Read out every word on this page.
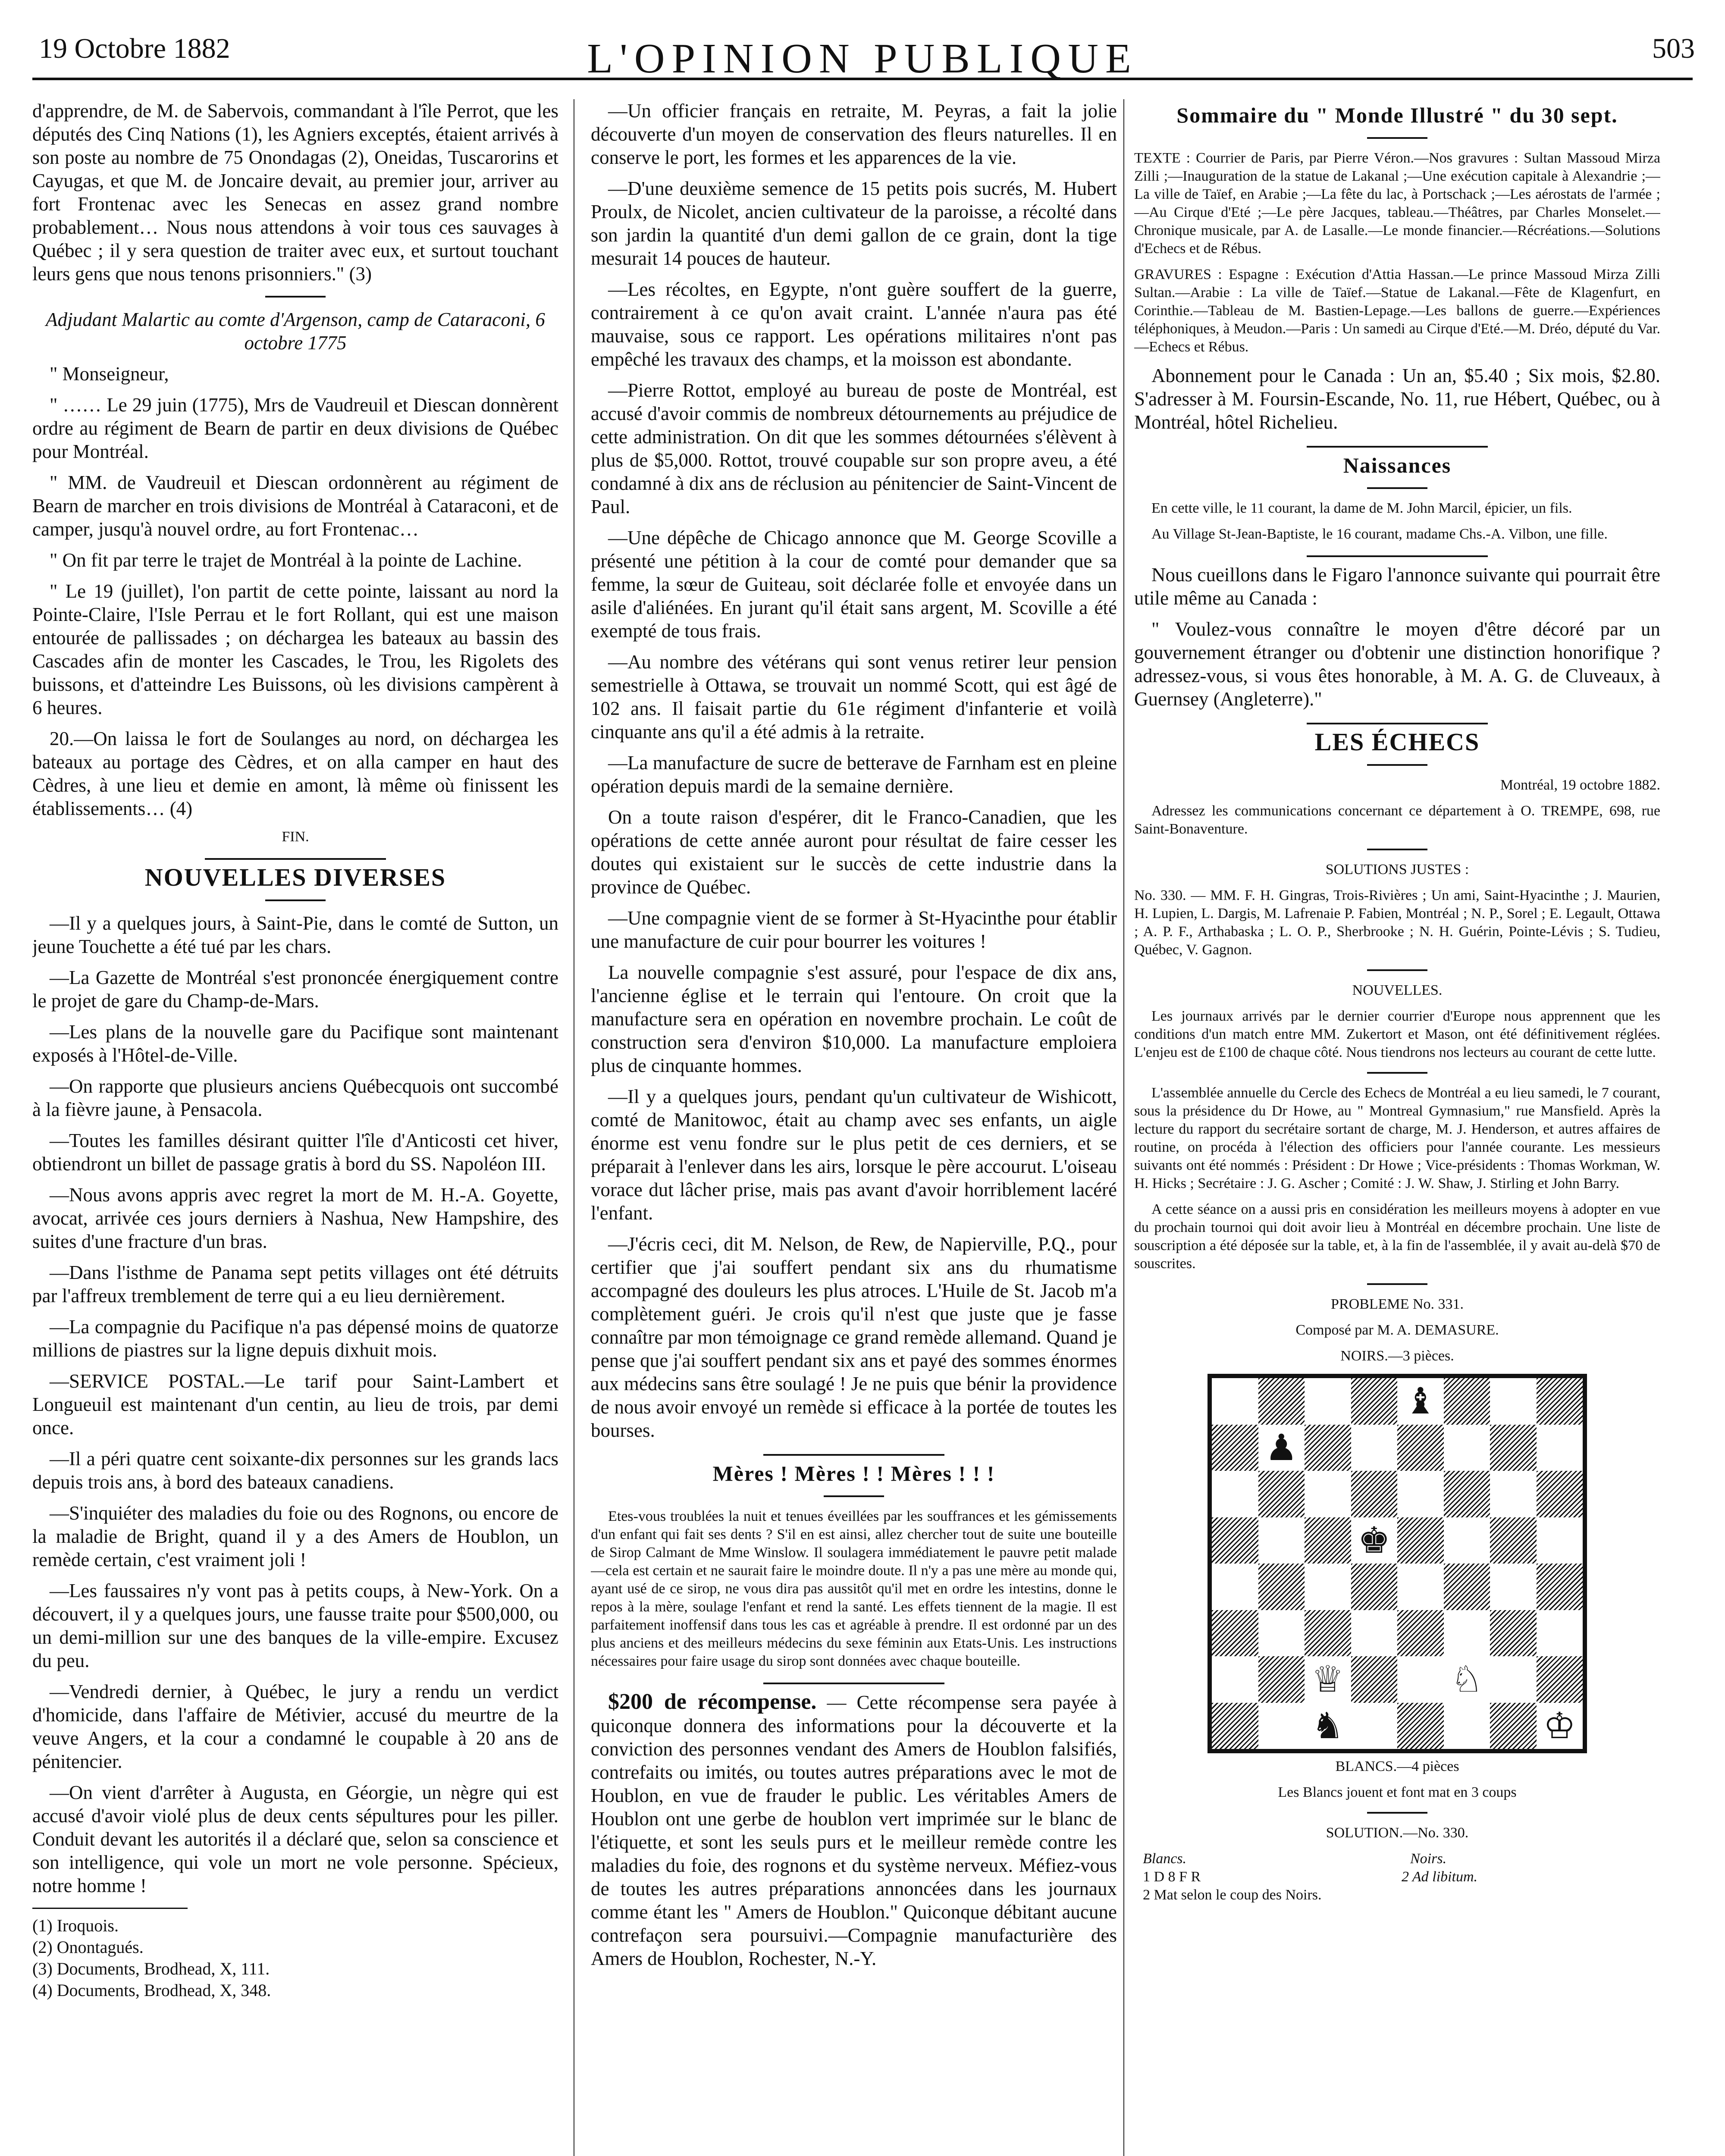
19 Octobre 1882	L'OPINION PUBLIQUE	503

d'apprendre, de M. de Sabervois, commandant à l'île Perrot, que les députés des Cinq Nations (1), les Agniers exceptés, étaient arrivés à son poste au nombre de 75 Onondagas (2), Oneidas, Tuscarorins et Cayugas, et que M. de Joncaire devait, au premier jour, arriver au fort Frontenac avec les Senecas en assez grand nombre probablement… Nous nous attendons à voir tous ces sauvages à Québec ; il y sera question de traiter avec eux, et surtout touchant leurs gens que nous tenons prisonniers." (3)

Adjudant Malartic au comte d'Argenson, camp de Cataraconi, 6 octobre 1775

" Monseigneur,

" …… Le 29 juin (1775), Mrs de Vaudreuil et Diescan donnèrent ordre au régiment de Bearn de partir en deux divisions de Québec pour Montréal.

" MM. de Vaudreuil et Diescan ordonnèrent au régiment de Bearn de marcher en trois divisions de Montréal à Cataraconi, et de camper, jusqu'à nouvel ordre, au fort Frontenac…

" On fit par terre le trajet de Montréal à la pointe de Lachine.

" Le 19 (juillet), l'on partit de cette pointe, laissant au nord la Pointe-Claire, l'Isle Perrau et le fort Rollant, qui est une maison entourée de pallissades ; on déchargea les bateaux au bassin des Cascades afin de monter les Cascades, le Trou, les Rigolets des buissons, et d'atteindre Les Buissons, où les divisions campèrent à 6 heures.

20.—On laissa le fort de Soulanges au nord, on déchargea les bateaux au portage des Cèdres, et on alla camper en haut des Cèdres, à une lieu et demie en amont, là même où finissent les établissements… (4)

FIN.

NOUVELLES DIVERSES

—Il y a quelques jours, à Saint-Pie, dans le comté de Sutton, un jeune Touchette a été tué par les chars.

—La Gazette de Montréal s'est prononcée énergiquement contre le projet de gare du Champ-de-Mars.

—Les plans de la nouvelle gare du Pacifique sont maintenant exposés à l'Hôtel-de-Ville.

—On rapporte que plusieurs anciens Québecquois ont succombé à la fièvre jaune, à Pensacola.

—Toutes les familles désirant quitter l'île d'Anticosti cet hiver, obtiendront un billet de passage gratis à bord du SS. Napoléon III.

—Nous avons appris avec regret la mort de M. H.-A. Goyette, avocat, arrivée ces jours derniers à Nashua, New Hampshire, des suites d'une fracture d'un bras.

—Dans l'isthme de Panama sept petits villages ont été détruits par l'affreux tremblement de terre qui a eu lieu dernièrement.

—La compagnie du Pacifique n'a pas dépensé moins de quatorze millions de piastres sur la ligne depuis dixhuit mois.

—SERVICE POSTAL.—Le tarif pour Saint-Lambert et Longueuil est maintenant d'un centin, au lieu de trois, par demi once.

—Il a péri quatre cent soixante-dix personnes sur les grands lacs depuis trois ans, à bord des bateaux canadiens.

—S'inquiéter des maladies du foie ou des Rognons, ou encore de la maladie de Bright, quand il y a des Amers de Houblon, un remède certain, c'est vraiment joli !

—Les faussaires n'y vont pas à petits coups, à New-York. On a découvert, il y a quelques jours, une fausse traite pour $500,000, ou un demi-million sur une des banques de la ville-empire. Excusez du peu.

—Vendredi dernier, à Québec, le jury a rendu un verdict d'homicide, dans l'affaire de Métivier, accusé du meurtre de la veuve Angers, et la cour a condamné le coupable à 20 ans de pénitencier.

—On vient d'arrêter à Augusta, en Géorgie, un nègre qui est accusé d'avoir violé plus de deux cents sépultures pour les piller. Conduit devant les autorités il a déclaré que, selon sa conscience et son intelligence, qui vole un mort ne vole personne. Spécieux, notre homme !

(1) Iroquois.
(2) Onontagués.
(3) Documents, Brodhead, X, 111.
(4) Documents, Brodhead, X, 348.

—Un officier français en retraite, M. Peyras, a fait la jolie découverte d'un moyen de conservation des fleurs naturelles. Il en conserve le port, les formes et les apparences de la vie.

—D'une deuxième semence de 15 petits pois sucrés, M. Hubert Proulx, de Nicolet, ancien cultivateur de la paroisse, a récolté dans son jardin la quantité d'un demi gallon de ce grain, dont la tige mesurait 14 pouces de hauteur.

—Les récoltes, en Egypte, n'ont guère souffert de la guerre, contrairement à ce qu'on avait craint. L'année n'aura pas été mauvaise, sous ce rapport. Les opérations militaires n'ont pas empêché les travaux des champs, et la moisson est abondante.

—Pierre Rottot, employé au bureau de poste de Montréal, est accusé d'avoir commis de nombreux détournements au préjudice de cette administration. On dit que les sommes détournées s'élèvent à plus de $5,000. Rottot, trouvé coupable sur son propre aveu, a été condamné à dix ans de réclusion au pénitencier de Saint-Vincent de Paul.

—Une dépêche de Chicago annonce que M. George Scoville a présenté une pétition à la cour de comté pour demander que sa femme, la sœur de Guiteau, soit déclarée folle et envoyée dans un asile d'aliénées. En jurant qu'il était sans argent, M. Scoville a été exempté de tous frais.

—Au nombre des vétérans qui sont venus retirer leur pension semestrielle à Ottawa, se trouvait un nommé Scott, qui est âgé de 102 ans. Il faisait partie du 61e régiment d'infanterie et voilà cinquante ans qu'il a été admis à la retraite.

—La manufacture de sucre de betterave de Farnham est en pleine opération depuis mardi de la semaine dernière.

On a toute raison d'espérer, dit le Franco-Canadien, que les opérations de cette année auront pour résultat de faire cesser les doutes qui existaient sur le succès de cette industrie dans la province de Québec.

—Une compagnie vient de se former à St-Hyacinthe pour établir une manufacture de cuir pour bourrer les voitures !

La nouvelle compagnie s'est assuré, pour l'espace de dix ans, l'ancienne église et le terrain qui l'entoure. On croit que la manufacture sera en opération en novembre prochain. Le coût de construction sera d'environ $10,000. La manufacture emploiera plus de cinquante hommes.

—Il y a quelques jours, pendant qu'un cultivateur de Wishicott, comté de Manitowoc, était au champ avec ses enfants, un aigle énorme est venu fondre sur le plus petit de ces derniers, et se préparait à l'enlever dans les airs, lorsque le père accourut. L'oiseau vorace dut lâcher prise, mais pas avant d'avoir horriblement lacéré l'enfant.

—J'écris ceci, dit M. Nelson, de Rew, de Napierville, P.Q., pour certifier que j'ai souffert pendant six ans du rhumatisme accompagné des douleurs les plus atroces. L'Huile de St. Jacob m'a complètement guéri. Je crois qu'il n'est que juste que je fasse connaître par mon témoignage ce grand remède allemand. Quand je pense que j'ai souffert pendant six ans et payé des sommes énormes aux médecins sans être soulagé ! Je ne puis que bénir la providence de nous avoir envoyé un remède si efficace à la portée de toutes les bourses.

Mères ! Mères ! ! Mères ! ! !

Etes-vous troublées la nuit et tenues éveillées par les souffrances et les gémissements d'un enfant qui fait ses dents ? S'il en est ainsi, allez chercher tout de suite une bouteille de Sirop Calmant de Mme Winslow. Il soulagera immédiatement le pauvre petit malade—cela est certain et ne saurait faire le moindre doute. Il n'y a pas une mère au monde qui, ayant usé de ce sirop, ne vous dira pas aussitôt qu'il met en ordre les intestins, donne le repos à la mère, soulage l'enfant et rend la santé. Les effets tiennent de la magie. Il est parfaitement inoffensif dans tous les cas et agréable à prendre. Il est ordonné par un des plus anciens et des meilleurs médecins du sexe féminin aux Etats-Unis. Les instructions nécessaires pour faire usage du sirop sont données avec chaque bouteille.

$200 de récompense. — Cette récompense sera payée à quiconque donnera des informations pour la découverte et la conviction des personnes vendant des Amers de Houblon falsifiés, contrefaits ou imités, ou toutes autres préparations avec le mot de Houblon, en vue de frauder le public. Les véritables Amers de Houblon ont une gerbe de houblon vert imprimée sur le blanc de l'étiquette, et sont les seuls purs et le meilleur remède contre les maladies du foie, des rognons et du système nerveux. Méfiez-vous de toutes les autres préparations annoncées dans les journaux comme étant les " Amers de Houblon." Quiconque débitant aucune contrefaçon sera poursuivi.—Compagnie manufacturière des Amers de Houblon, Rochester, N.-Y.

Sommaire du " Monde Illustré " du 30 sept.

TEXTE : Courrier de Paris, par Pierre Véron.—Nos gravures : Sultan Massoud Mirza Zilli ;—Inauguration de la statue de Lakanal ;—Une exécution capitale à Alexandrie ;—La ville de Taïef, en Arabie ;—La fête du lac, à Portschack ;—Les aérostats de l'armée ;—Au Cirque d'Eté ;—Le père Jacques, tableau.—Théâtres, par Charles Monselet.—Chronique musicale, par A. de Lasalle.—Le monde financier.—Récréations.—Solutions d'Echecs et de Rébus.

GRAVURES : Espagne : Exécution d'Attia Hassan.—Le prince Massoud Mirza Zilli Sultan.—Arabie : La ville de Taïef.—Statue de Lakanal.—Fête de Klagenfurt, en Corinthie.—Tableau de M. Bastien-Lepage.—Les ballons de guerre.—Expériences téléphoniques, à Meudon.—Paris : Un samedi au Cirque d'Eté.—M. Dréo, député du Var.—Echecs et Rébus.

Abonnement pour le Canada : Un an, $5.40 ; Six mois, $2.80. S'adresser à M. Foursin-Escande, No. 11, rue Hébert, Québec, ou à Montréal, hôtel Richelieu.

Naissances

En cette ville, le 11 courant, la dame de M. John Marcil, épicier, un fils.

Au Village St-Jean-Baptiste, le 16 courant, madame Chs.-A. Vilbon, une fille.

Nous cueillons dans le Figaro l'annonce suivante qui pourrait être utile même au Canada :

" Voulez-vous connaître le moyen d'être décoré par un gouvernement étranger ou d'obtenir une distinction honorifique ? adressez-vous, si vous êtes honorable, à M. A. G. de Cluveaux, à Guernsey (Angleterre)."

LES ÉCHECS

Montréal, 19 octobre 1882.

Adressez les communications concernant ce département à O. TREMPE, 698, rue Saint-Bonaventure.

SOLUTIONS JUSTES :

No. 330. — MM. F. H. Gingras, Trois-Rivières ; Un ami, Saint-Hyacinthe ; J. Maurien, H. Lupien, L. Dargis, M. Lafrenaie P. Fabien, Montréal ; N. P., Sorel ; E. Legault, Ottawa ; A. P. F., Arthabaska ; L. O. P., Sherbrooke ; N. H. Guérin, Pointe-Lévis ; S. Tudieu, Québec, V. Gagnon.

NOUVELLES.

Les journaux arrivés par le dernier courrier d'Europe nous apprennent que les conditions d'un match entre MM. Zukertort et Mason, ont été définitivement réglées. L'enjeu est de £100 de chaque côté. Nous tiendrons nos lecteurs au courant de cette lutte.

L'assemblée annuelle du Cercle des Echecs de Montréal a eu lieu samedi, le 7 courant, sous la présidence du Dr Howe, au " Montreal Gymnasium," rue Mansfield. Après la lecture du rapport du secrétaire sortant de charge, M. J. Henderson, et autres affaires de routine, on procéda à l'élection des officiers pour l'année courante. Les messieurs suivants ont été nommés : Président : Dr Howe ; Vice-présidents : Thomas Workman, W. H. Hicks ; Secrétaire : J. G. Ascher ; Comité : J. W. Shaw, J. Stirling et John Barry.

A cette séance on a aussi pris en considération les meilleurs moyens à adopter en vue du prochain tournoi qui doit avoir lieu à Montréal en décembre prochain. Une liste de souscription a été déposée sur la table, et, à la fin de l'assemblée, il y avait au-delà $70 de souscrites.

PROBLEME No. 331.

Composé par M. A. DEMASURE.

NOIRS.—3 pièces.

♝
♟
♚
♕	♘
♞	♔

BLANCS.—4 pièces

Les Blancs jouent et font mat en 3 coups

SOLUTION.—No. 330.

Blancs.	Noirs.
1 D 8 F R	2 Ad libitum.
2 Mat selon le coup des Noirs.
